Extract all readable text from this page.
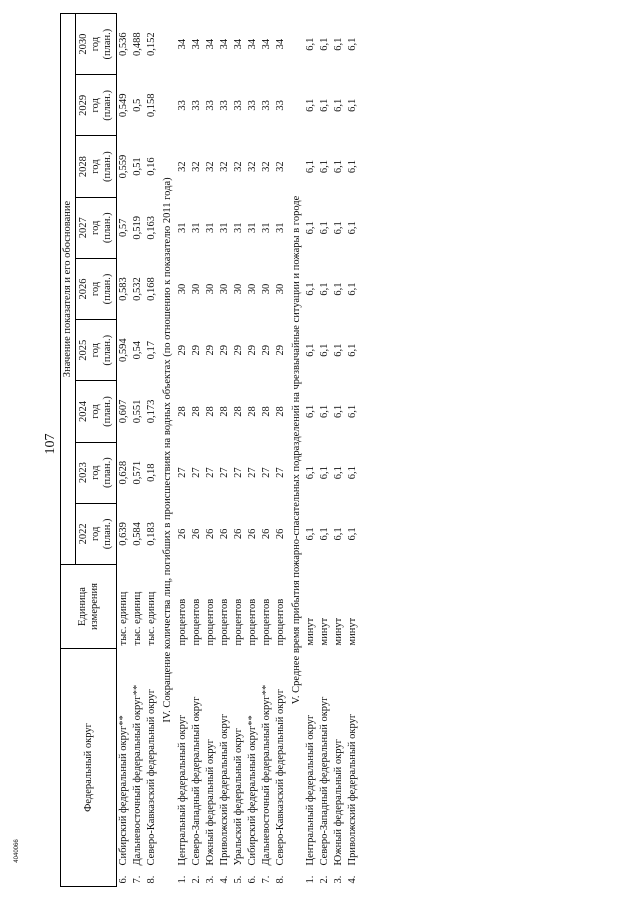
107
4040066
Федеральный округ		Единица измерения	Значение показателя и его обоснование								

			2022 год (план.)	2023 год (план.)	2024 год (план.)	2025 год (план.)	2026 год (план.)	2027 год (план.)	2028 год (план.)	2029 год (план.)	2030 год (план.)

6.	Сибирский федеральный округ**	тыс. единиц	0,639	0,628	0,607	0,594	0,583	0,57	0,559	0,549	0,536
7.	Дальневосточный федеральный округ**	тыс. единиц	0,584	0,571	0,551	0,54	0,532	0,519	0,51	0,5	0,488
8.	Северо-Кавказский федеральный округ	тыс. единиц	0,183	0,18	0,173	0,17	0,168	0,163	0,16	0,158	0,152
IV. Сокращение количества лиц, погибших в происшествиях на водных объектах (по отношению к показателю 2011 года)											
1.	Центральный федеральный округ	процентов	26	27	28	29	30	31	32	33	34
2.	Северо-Западный федеральный округ	процентов	26	27	28	29	30	31	32	33	34
3.	Южный федеральный округ	процентов	26	27	28	29	30	31	32	33	34
4.	Приволжский федеральный округ	процентов	26	27	28	29	30	31	32	33	34
5.	Уральский федеральный округ	процентов	26	27	28	29	30	31	32	33	34
6.	Сибирский федеральный округ**	процентов	26	27	28	29	30	31	32	33	34
7.	Дальневосточный федеральный округ**	процентов	26	27	28	29	30	31	32	33	34
8.	Северо-Кавказский федеральный округ	процентов	26	27	28	29	30	31	32	33	34
V. Среднее время прибытия пожарно-спасательных подразделений на чрезвычайные ситуации и пожары в городе											
1.	Центральный федеральный округ	минут	6,1	6,1	6,1	6,1	6,1	6,1	6,1	6,1	6,1
2.	Северо-Западный федеральный округ	минут	6,1	6,1	6,1	6,1	6,1	6,1	6,1	6,1	6,1
3.	Южный федеральный округ	минут	6,1	6,1	6,1	6,1	6,1	6,1	6,1	6,1	6,1
4.	Приволжский федеральный округ	минут	6,1	6,1	6,1	6,1	6,1	6,1	6,1	6,1	6,1
